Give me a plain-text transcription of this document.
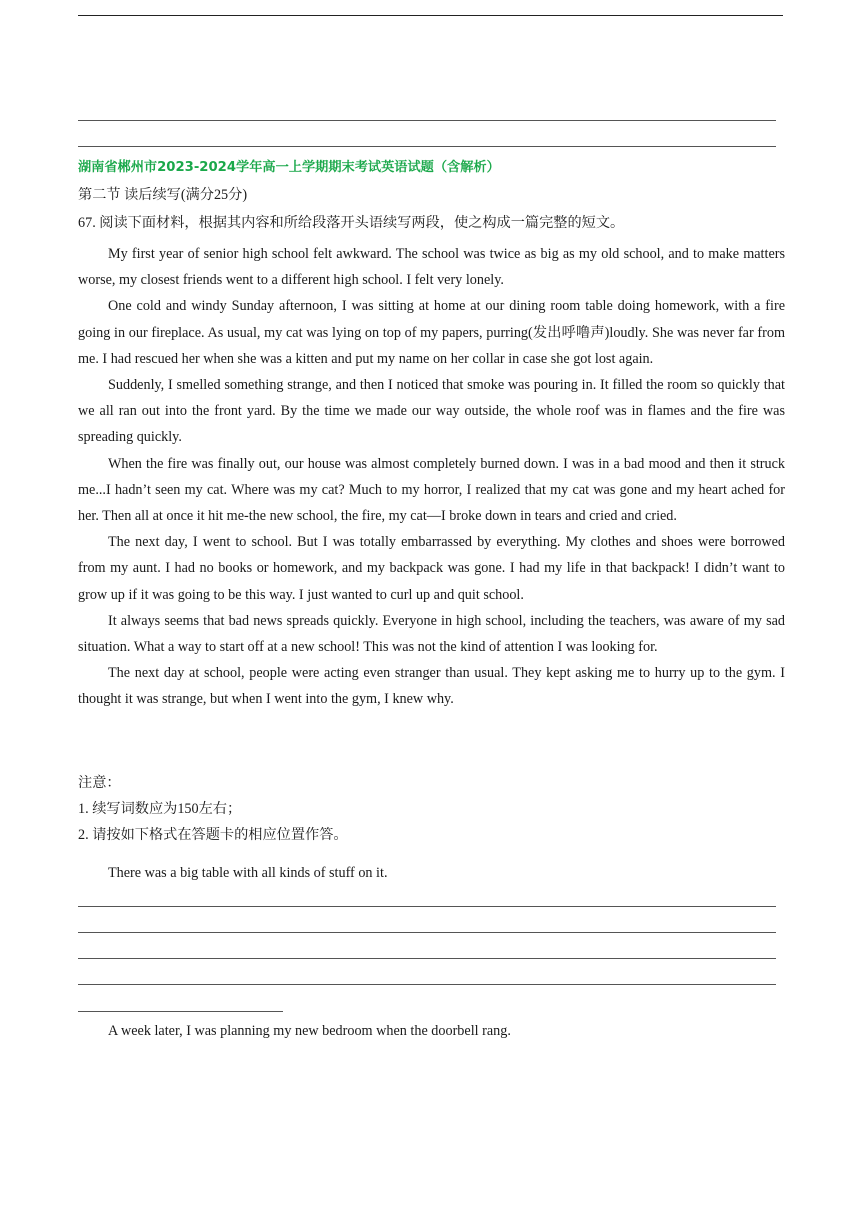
湖南省郴州市2023-2024学年高一上学期期末考试英语试题（含解析）
第二节 读后续写(满分25分)
67. 阅读下面材料，根据其内容和所给段落开头语续写两段，使之构成一篇完整的短文。

My first year of senior high school felt awkward. The school was twice as big as my old school, and to make matters worse, my closest friends went to a different high school. I felt very lonely.

One cold and windy Sunday afternoon, I was sitting at home at our dining room table doing homework, with a fire going in our fireplace. As usual, my cat was lying on top of my papers, purring(发出呼噜声)loudly. She was never far from me. I had rescued her when she was a kitten and put my name on her collar in case she got lost again.

Suddenly, I smelled something strange, and then I noticed that smoke was pouring in. It filled the room so quickly that we all ran out into the front yard. By the time we made our way outside, the whole roof was in flames and the fire was spreading quickly.

When the fire was finally out, our house was almost completely burned down. I was in a bad mood and then it struck me...I hadn’t seen my cat. Where was my cat? Much to my horror, I realized that my cat was gone and my heart ached for her. Then all at once it hit me-the new school, the fire, my cat—I broke down in tears and cried and cried.

The next day, I went to school. But I was totally embarrassed by everything. My clothes and shoes were borrowed from my aunt. I had no books or homework, and my backpack was gone. I had my life in that backpack! I didn’t want to grow up if it was going to be this way. I just wanted to curl up and quit school.

It always seems that bad news spreads quickly. Everyone in high school, including the teachers, was aware of my sad situation. What a way to start off at a new school! This was not the kind of attention I was looking for.

The next day at school, people were acting even stranger than usual. They kept asking me to hurry up to the gym. I thought it was strange, but when I went into the gym, I knew why.

注意：
1. 续写词数应为150左右；
2. 请按如下格式在答题卡的相应位置作答。
There was a big table with all kinds of stuff on it.
A week later, I was planning my new bedroom when the doorbell rang.
